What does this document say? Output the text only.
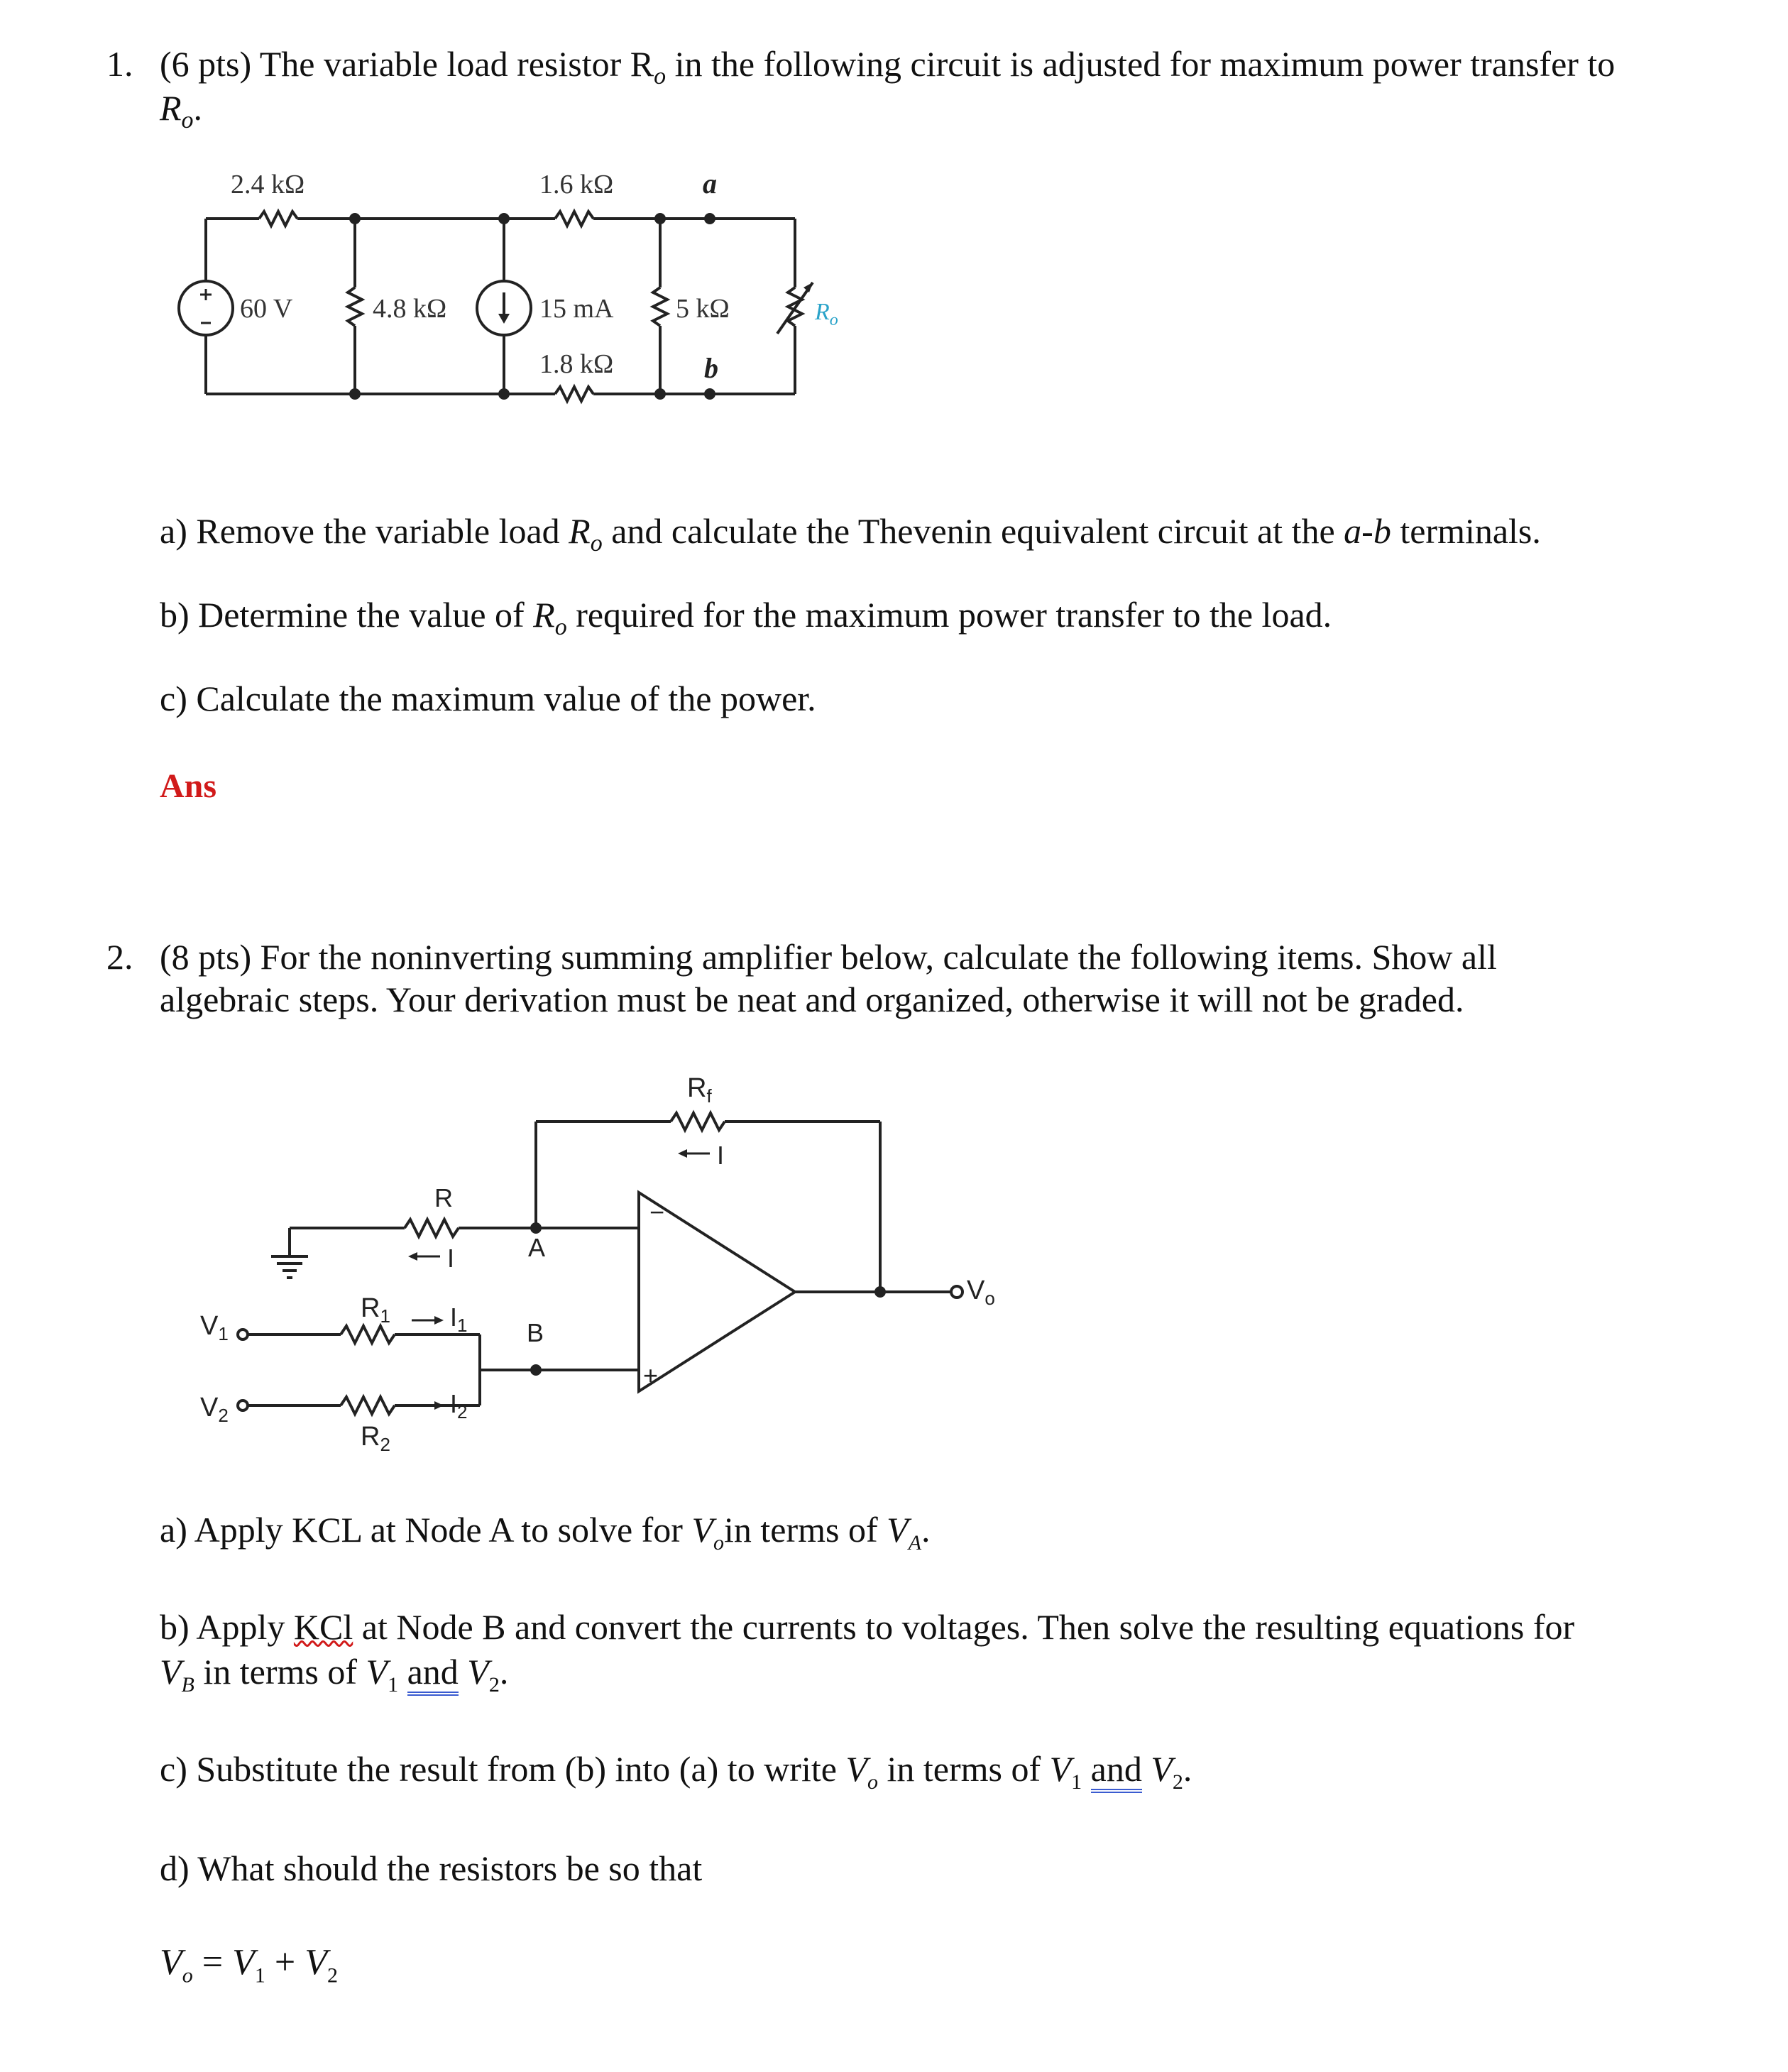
1. (6 pts) The variable load resistor $R_o$ in the following circuit is adjusted for maximum power transfer to
$R_o$.
2.4 kΩ	1.6 kΩ	a
60 V	4.8 kΩ	15 mA 5 kΩ	$R_o$
1.8 kΩ	b
a) Remove the variable load $R_o$ and calculate the Thevenin equivalent circuit at the a-b terminals.
b) Determine the value of $R_o$ required for the maximum power transfer to the load.
c) Calculate the maximum value of the power.
Ans
2. (8 pts) For the noninverting summing amplifier below, calculate the following items. Show all
algebraic steps. Your derivation must be neat and organized, otherwise it will not be graded.
$R_f$
I
R
I	A
B
−
+
$R_1$ $I_1$
$R_2$
$I_2$
$V_1$
$V_2$
$V_o$
a) Apply KCL at Node A to solve for $V_oin$ terms of $V_A$.
b) Apply KCl at Node B and convert the currents to voltages. Then solve the resulting equations for
$V_B$ in terms of $V_1$ and $V_2$.
c) Substitute the result from (b) into (a) to write $V_o$ in terms of $V_1$ and $V_2$.
d) What should the resistors be so that
$V_o = V_1 + V_2$
